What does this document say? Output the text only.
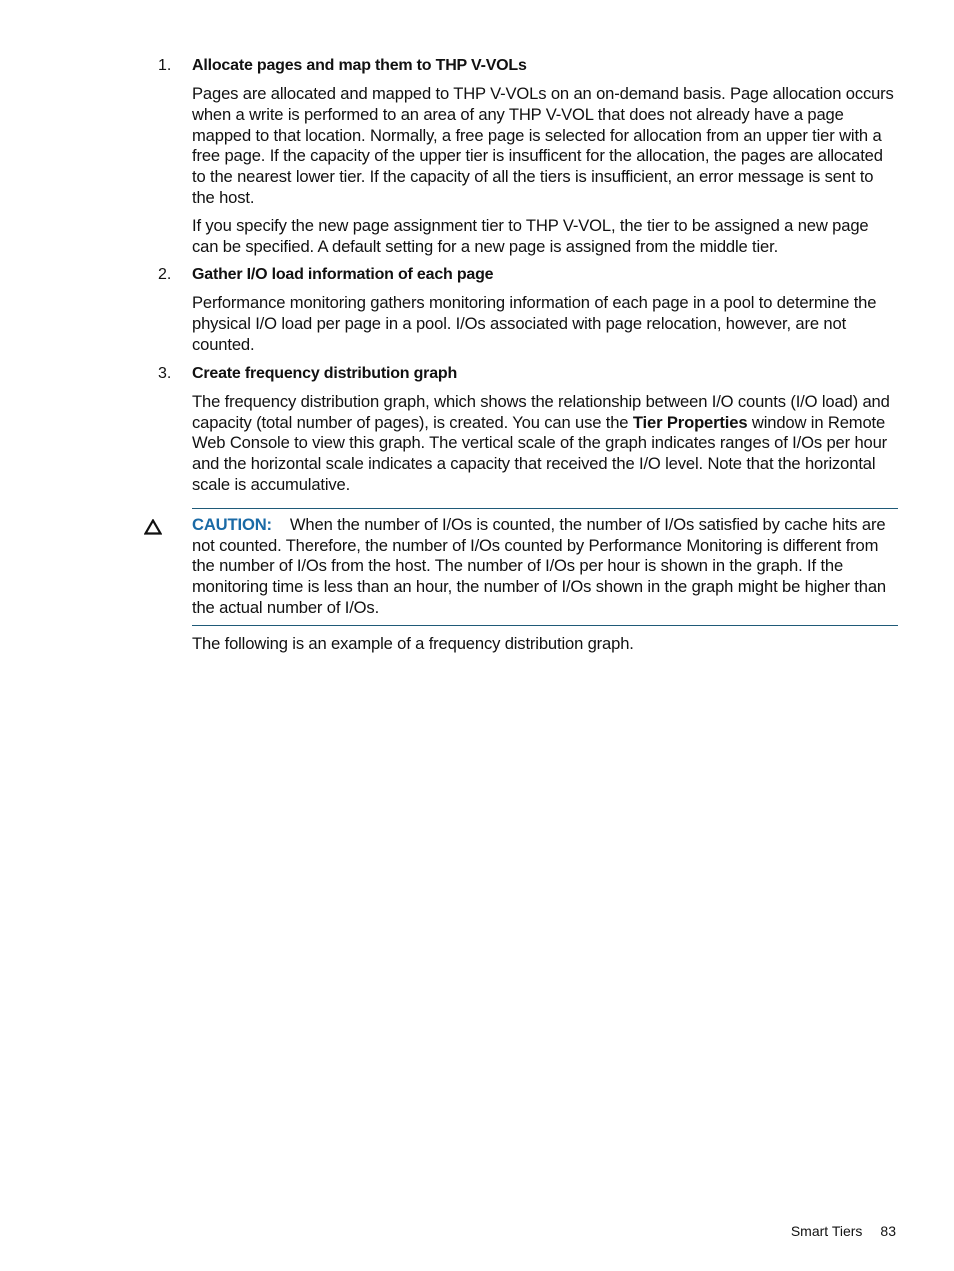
1. Allocate pages and map them to THP V-VOLs

Pages are allocated and mapped to THP V-VOLs on an on-demand basis. Page allocation occurs when a write is performed to an area of any THP V-VOL that does not already have a page mapped to that location. Normally, a free page is selected for allocation from an upper tier with a free page. If the capacity of the upper tier is insufficent for the allocation, the pages are allocated to the nearest lower tier. If the capacity of all the tiers is insufficient, an error message is sent to the host.

If you specify the new page assignment tier to THP V-VOL, the tier to be assigned a new page can be specified. A default setting for a new page is assigned from the middle tier.

2. Gather I/O load information of each page

Performance monitoring gathers monitoring information of each page in a pool to determine the physical I/O load per page in a pool. I/Os associated with page relocation, however, are not counted.

3. Create frequency distribution graph

The frequency distribution graph, which shows the relationship between I/O counts (I/O load) and capacity (total number of pages), is created. You can use the Tier Properties window in Remote Web Console to view this graph. The vertical scale of the graph indicates ranges of I/Os per hour and the horizontal scale indicates a capacity that received the I/O level. Note that the horizontal scale is accumulative.

CAUTION: When the number of I/Os is counted, the number of I/Os satisfied by cache hits are not counted. Therefore, the number of I/Os counted by Performance Monitoring is different from the number of I/Os from the host. The number of I/Os per hour is shown in the graph. If the monitoring time is less than an hour, the number of I/Os shown in the graph might be higher than the actual number of I/Os.

The following is an example of a frequency distribution graph.

Smart Tiers 83
